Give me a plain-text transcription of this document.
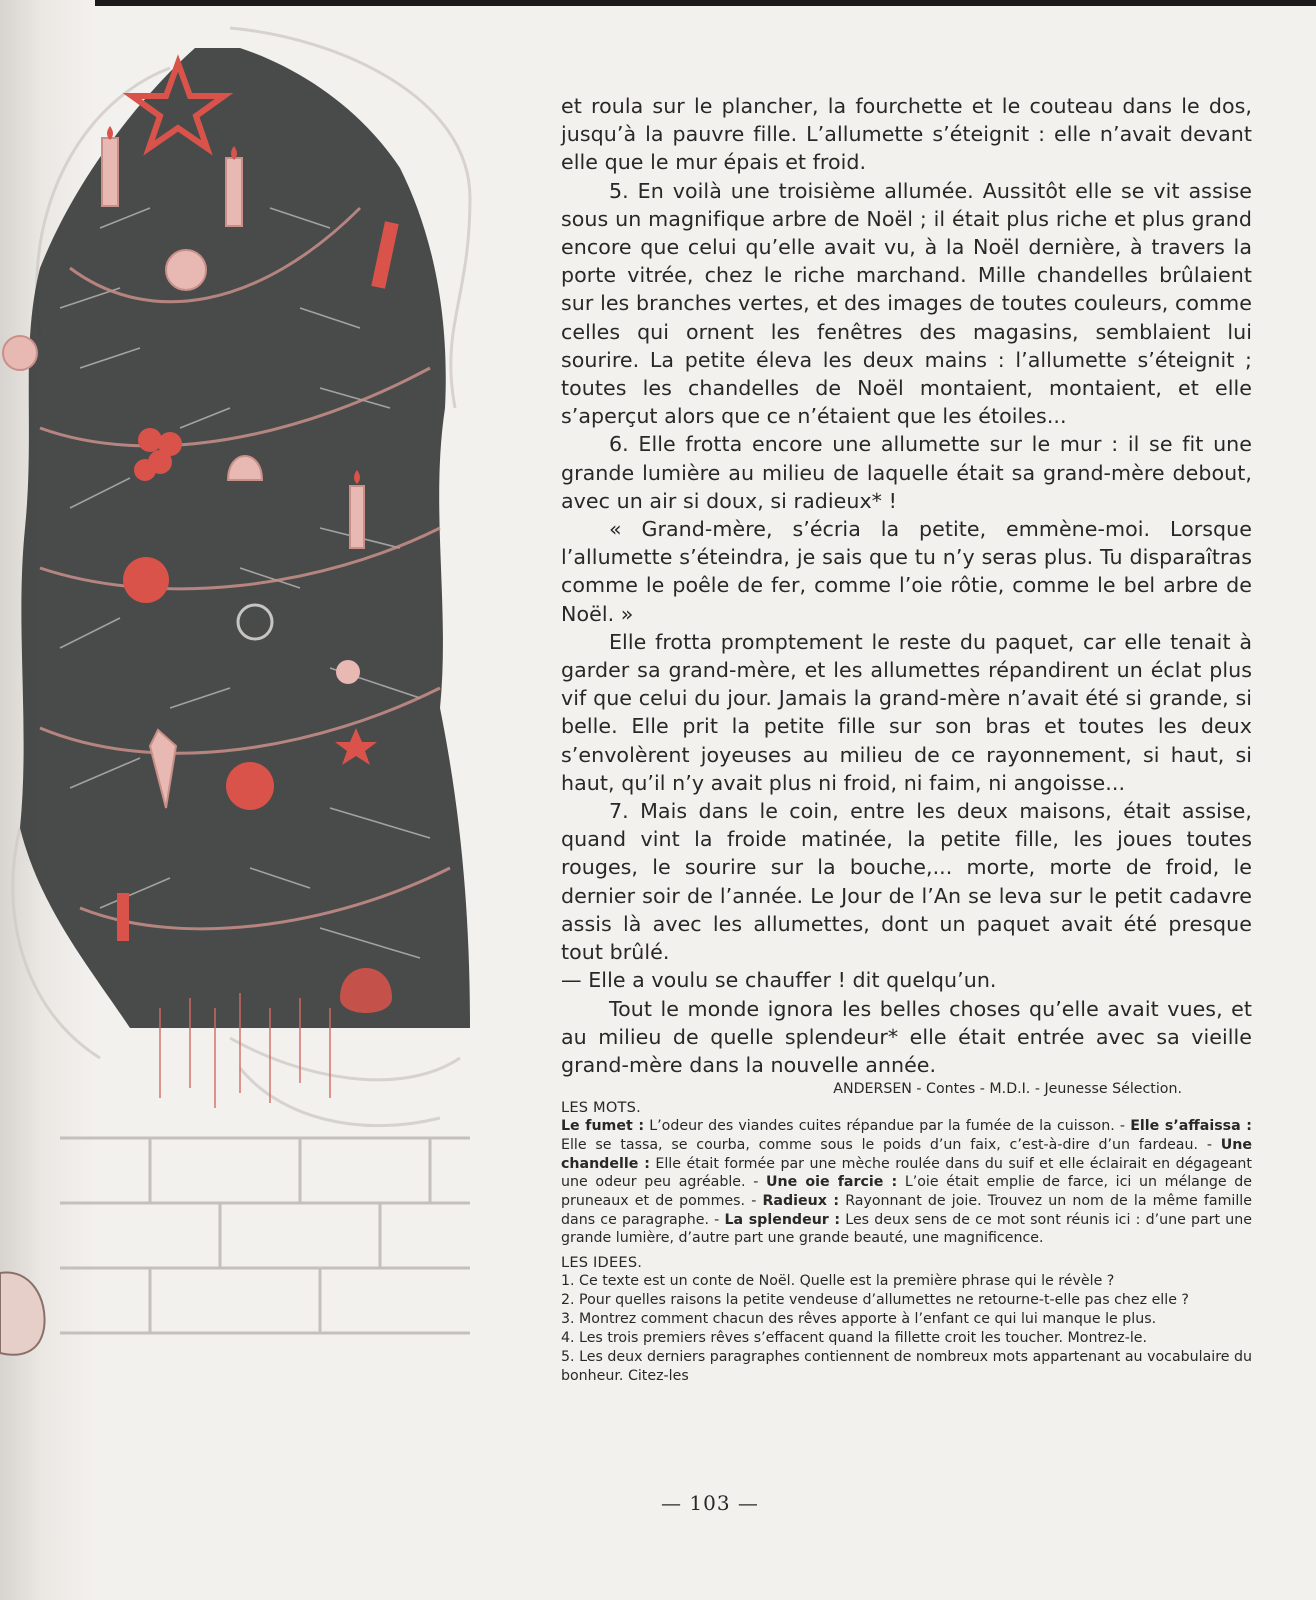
et roula sur le plancher, la fourchette et le couteau dans le dos, jusqu’à la pauvre fille. L’allumette s’éteignit : elle n’avait devant elle que le mur épais et froid.

5. En voilà une troisième allumée. Aussitôt elle se vit assise sous un magnifique arbre de Noël ; il était plus riche et plus grand encore que celui qu’elle avait vu, à la Noël dernière, à travers la porte vitrée, chez le riche marchand. Mille chandelles brûlaient sur les branches vertes, et des images de toutes couleurs, comme celles qui ornent les fenêtres des magasins, semblaient lui sourire. La petite éleva les deux mains : l’allumette s’éteignit ; toutes les chandelles de Noël montaient, montaient, et elle s’aperçut alors que ce n’étaient que les étoiles...

6. Elle frotta encore une allumette sur le mur : il se fit une grande lumière au milieu de laquelle était sa grand-mère debout, avec un air si doux, si radieux* !

« Grand-mère, s’écria la petite, emmène-moi. Lorsque l’allumette s’éteindra, je sais que tu n’y seras plus. Tu disparaîtras comme le poêle de fer, comme l’oie rôtie, comme le bel arbre de Noël. »

Elle frotta promptement le reste du paquet, car elle tenait à garder sa grand-mère, et les allumettes répandirent un éclat plus vif que celui du jour. Jamais la grand-mère n’avait été si grande, si belle. Elle prit la petite fille sur son bras et toutes les deux s’envolèrent joyeuses au milieu de ce rayonnement, si haut, si haut, qu’il n’y avait plus ni froid, ni faim, ni angoisse...

7. Mais dans le coin, entre les deux maisons, était assise, quand vint la froide matinée, la petite fille, les joues toutes rouges, le sourire sur la bouche,... morte, morte de froid, le dernier soir de l’année. Le Jour de l’An se leva sur le petit cadavre assis là avec les allumettes, dont un paquet avait été presque tout brûlé.

— Elle a voulu se chauffer ! dit quelqu’un.

Tout le monde ignora les belles choses qu’elle avait vues, et au milieu de quelle splendeur* elle était entrée avec sa vieille grand-mère dans la nouvelle année.

ANDERSEN - Contes - M.D.I. - Jeunesse Sélection.

LES MOTS.

Le fumet : L’odeur des viandes cuites répandue par la fumée de la cuisson. - Elle s’affaissa : Elle se tassa, se courba, comme sous le poids d’un faix, c’est-à-dire d’un fardeau. - Une chandelle : Elle était formée par une mèche roulée dans du suif et elle éclairait en dégageant une odeur peu agréable. - Une oie farcie : L’oie était emplie de farce, ici un mélange de pruneaux et de pommes. - Radieux : Rayonnant de joie. Trouvez un nom de la même famille dans ce paragraphe. - La splendeur : Les deux sens de ce mot sont réunis ici : d’une part une grande lumière, d’autre part une grande beauté, une magnificence.

LES IDEES.

1. Ce texte est un conte de Noël. Quelle est la première phrase qui le révèle ?
2. Pour quelles raisons la petite vendeuse d’allumettes ne retourne-t-elle pas chez elle ?
3. Montrez comment chacun des rêves apporte à l’enfant ce qui lui manque le plus.
4. Les trois premiers rêves s’effacent quand la fillette croit les toucher. Montrez-le.
5. Les deux derniers paragraphes contiennent de nombreux mots appartenant au vocabulaire du bonheur. Citez-les
— 103 —
